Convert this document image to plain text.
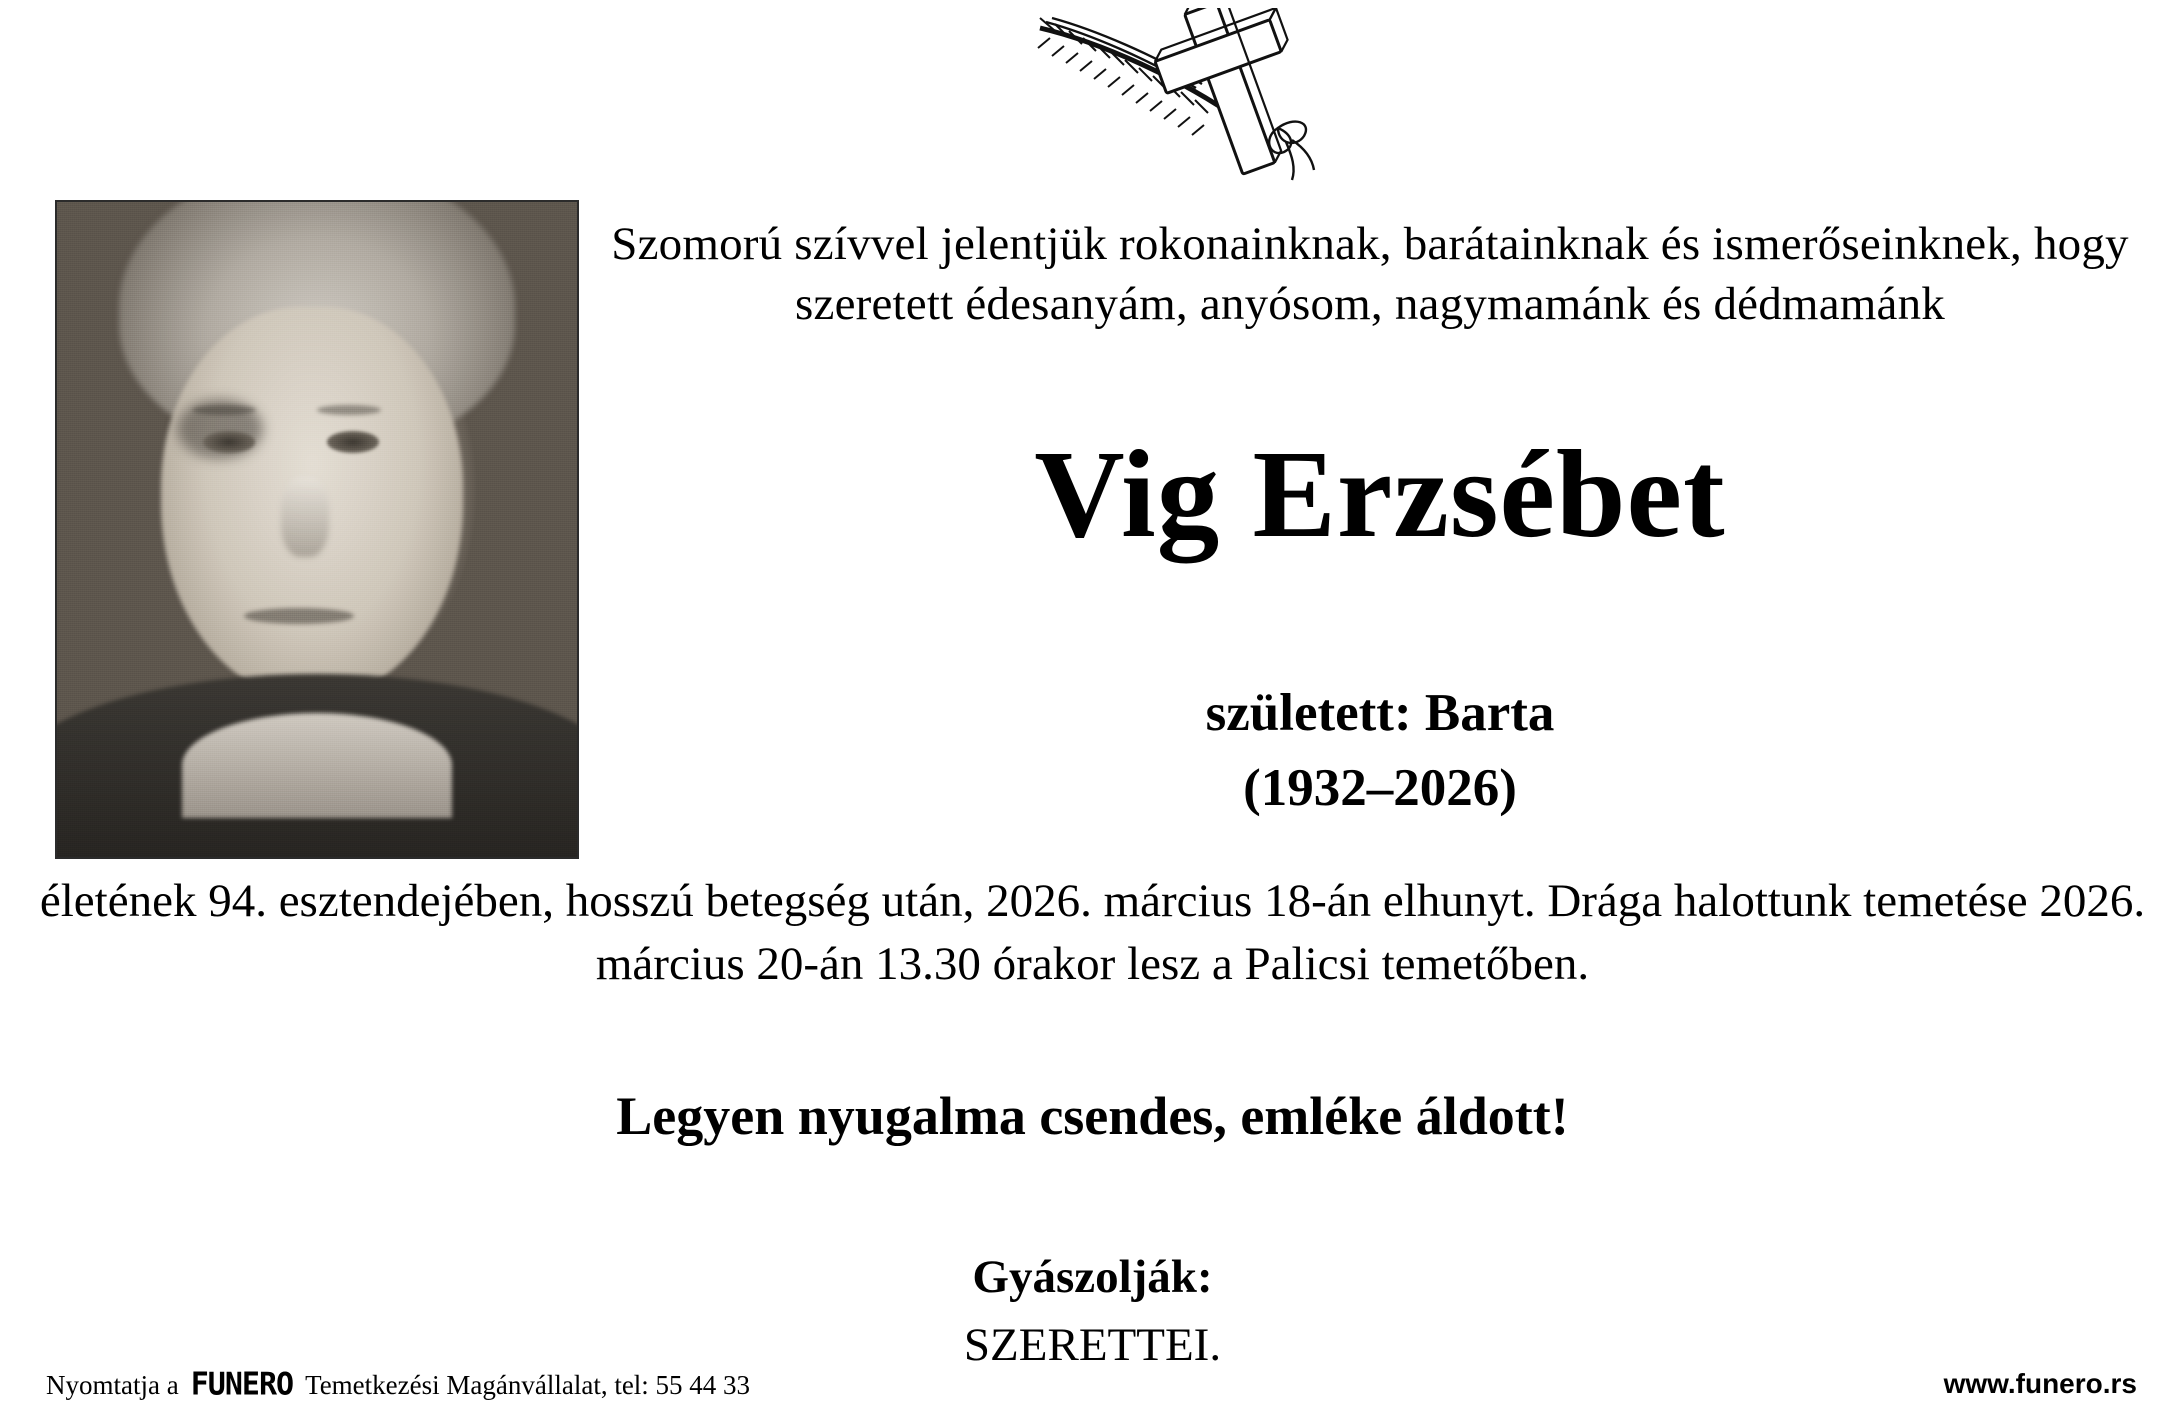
Szomorú szívvel jelentjük rokonainknak, barátainknak és ismerőseinknek, hogy szeretett édesanyám, anyósom, nagymamánk és dédmamánk
Vig Erzsébet
született: Barta
(1932–2026)
életének 94. esztendejében, hosszú betegség után, 2026. március 18-án elhunyt. Drága halottunk temetése 2026. március 20-án 13.30 órakor lesz a Palicsi temetőben.
Legyen nyugalma csendes, emléke áldott!
Gyászolják:
SZERETTEI.
Nyomtatja a FUNERO Temetkezési Magánvállalat, tel: 55 44 33	www.funero.rs
